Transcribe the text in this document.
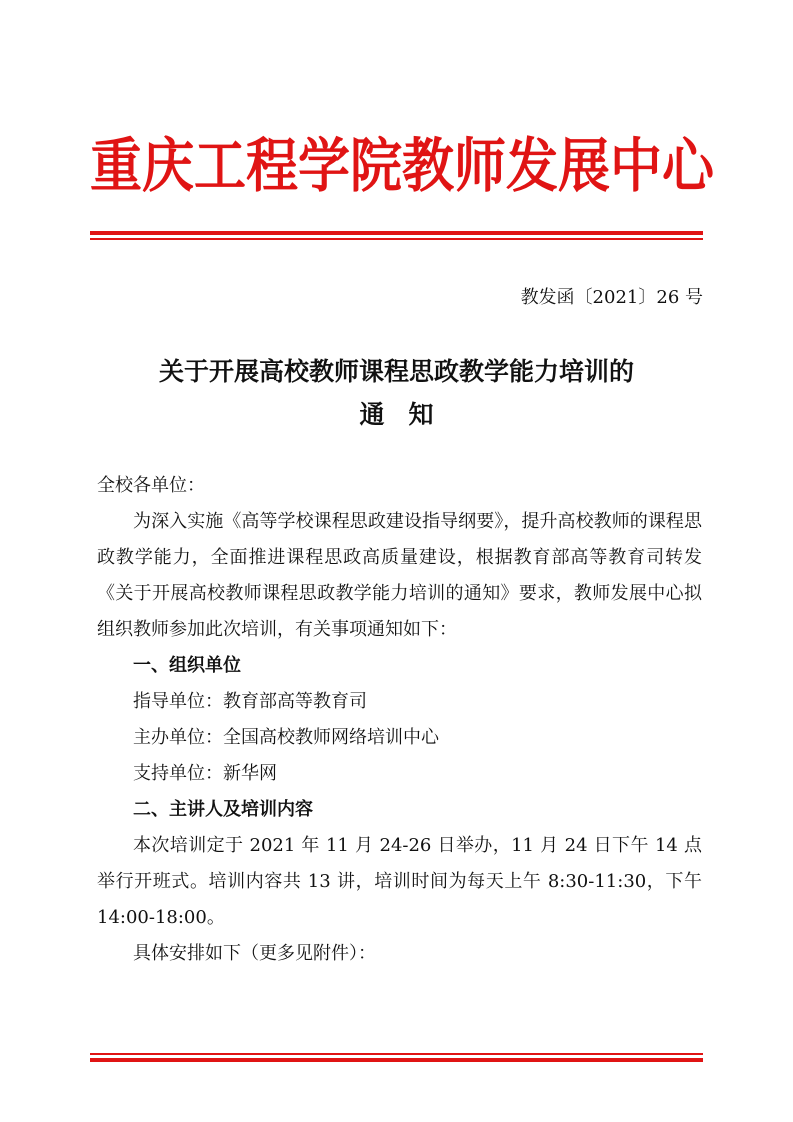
重庆工程学院教师发展中心
教发函〔2021〕26 号
关于开展高校教师课程思政教学能力培训的
通知

全校各单位：

为深入实施《高等学校课程思政建设指导纲要》，提升高校教师的课程思政教学能力，全面推进课程思政高质量建设，根据教育部高等教育司转发《关于开展高校教师课程思政教学能力培训的通知》要求，教师发展中心拟组织教师参加此次培训，有关事项通知如下：

一、组织单位

指导单位：教育部高等教育司

主办单位：全国高校教师网络培训中心

支持单位：新华网

二、主讲人及培训内容

本次培训定于 2021 年 11 月 24-26 日举办，11 月 24 日下午 14 点举行开班式。培训内容共 13 讲，培训时间为每天上午 8:30-11:30，下午 14:00-18:00。

具体安排如下（更多见附件）：
